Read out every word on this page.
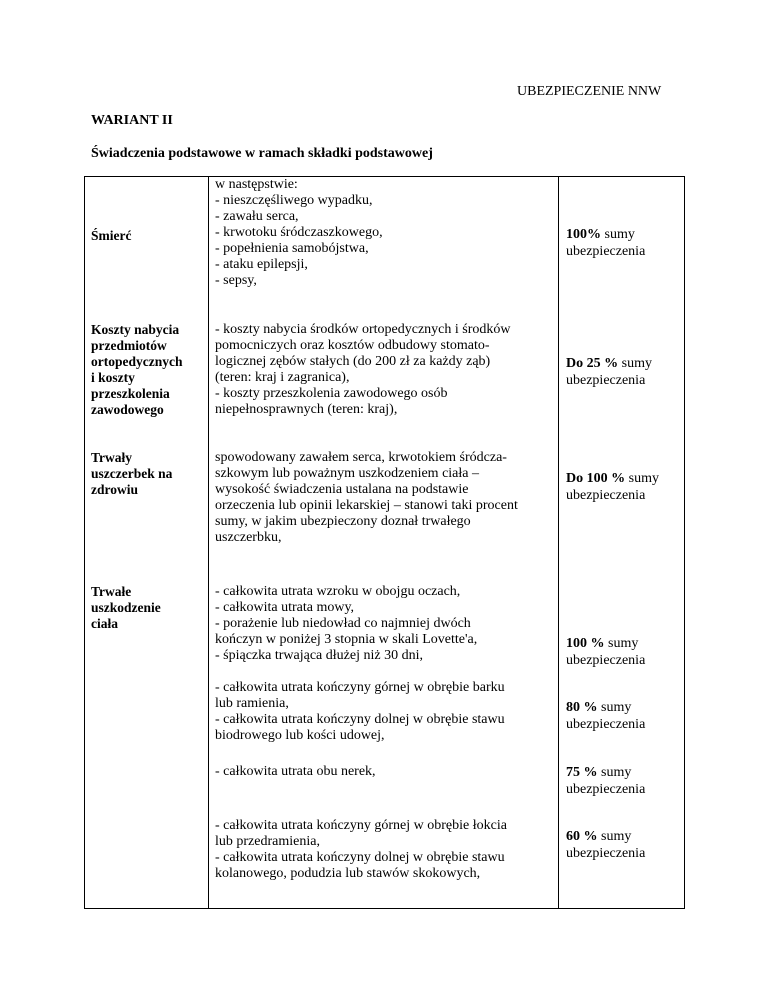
UBEZPIECZENIE NNW
WARIANT II
Świadczenia podstawowe w ramach składki podstawowej
Śmierć
w następstwie:
- nieszczęśliwego wypadku,
- zawału serca,
- krwotoku śródczaszkowego,
- popełnienia samobójstwa,
- ataku epilepsji,
- sepsy,
100% sumy
ubezpieczenia
Koszty nabycia
przedmiotów
ortopedycznych
i koszty
przeszkolenia
zawodowego
- koszty nabycia środków ortopedycznych i środków
pomocniczych oraz kosztów odbudowy stomato-
logicznej zębów stałych (do 200 zł za każdy ząb)
(teren: kraj i zagranica),
- koszty przeszkolenia zawodowego osób
niepełnosprawnych (teren: kraj),
Do 25 % sumy
ubezpieczenia
Trwały
uszczerbek na
zdrowiu
spowodowany zawałem serca, krwotokiem śródcza-
szkowym lub poważnym uszkodzeniem ciała –
wysokość świadczenia ustalana na podstawie
orzeczenia lub opinii lekarskiej – stanowi taki procent
sumy, w jakim ubezpieczony doznał trwałego
uszczerbku,
Do 100 % sumy
ubezpieczenia
Trwałe
uszkodzenie
ciała
- całkowita utrata wzroku w obojgu oczach,
- całkowita utrata mowy,
- porażenie lub niedowład co najmniej dwóch
kończyn w poniżej 3 stopnia w skali Lovette'a,
- śpiączka trwająca dłużej niż 30 dni,
100 % sumy
ubezpieczenia
- całkowita utrata kończyny górnej w obrębie barku
lub ramienia,
- całkowita utrata kończyny dolnej w obrębie stawu
biodrowego lub kości udowej,
80 % sumy
ubezpieczenia
- całkowita utrata obu nerek,	75 % sumy
ubezpieczenia
- całkowita utrata kończyny górnej w obrębie łokcia
lub przedramienia,
- całkowita utrata kończyny dolnej w obrębie stawu
kolanowego, podudzia lub stawów skokowych,
60 % sumy
ubezpieczenia
